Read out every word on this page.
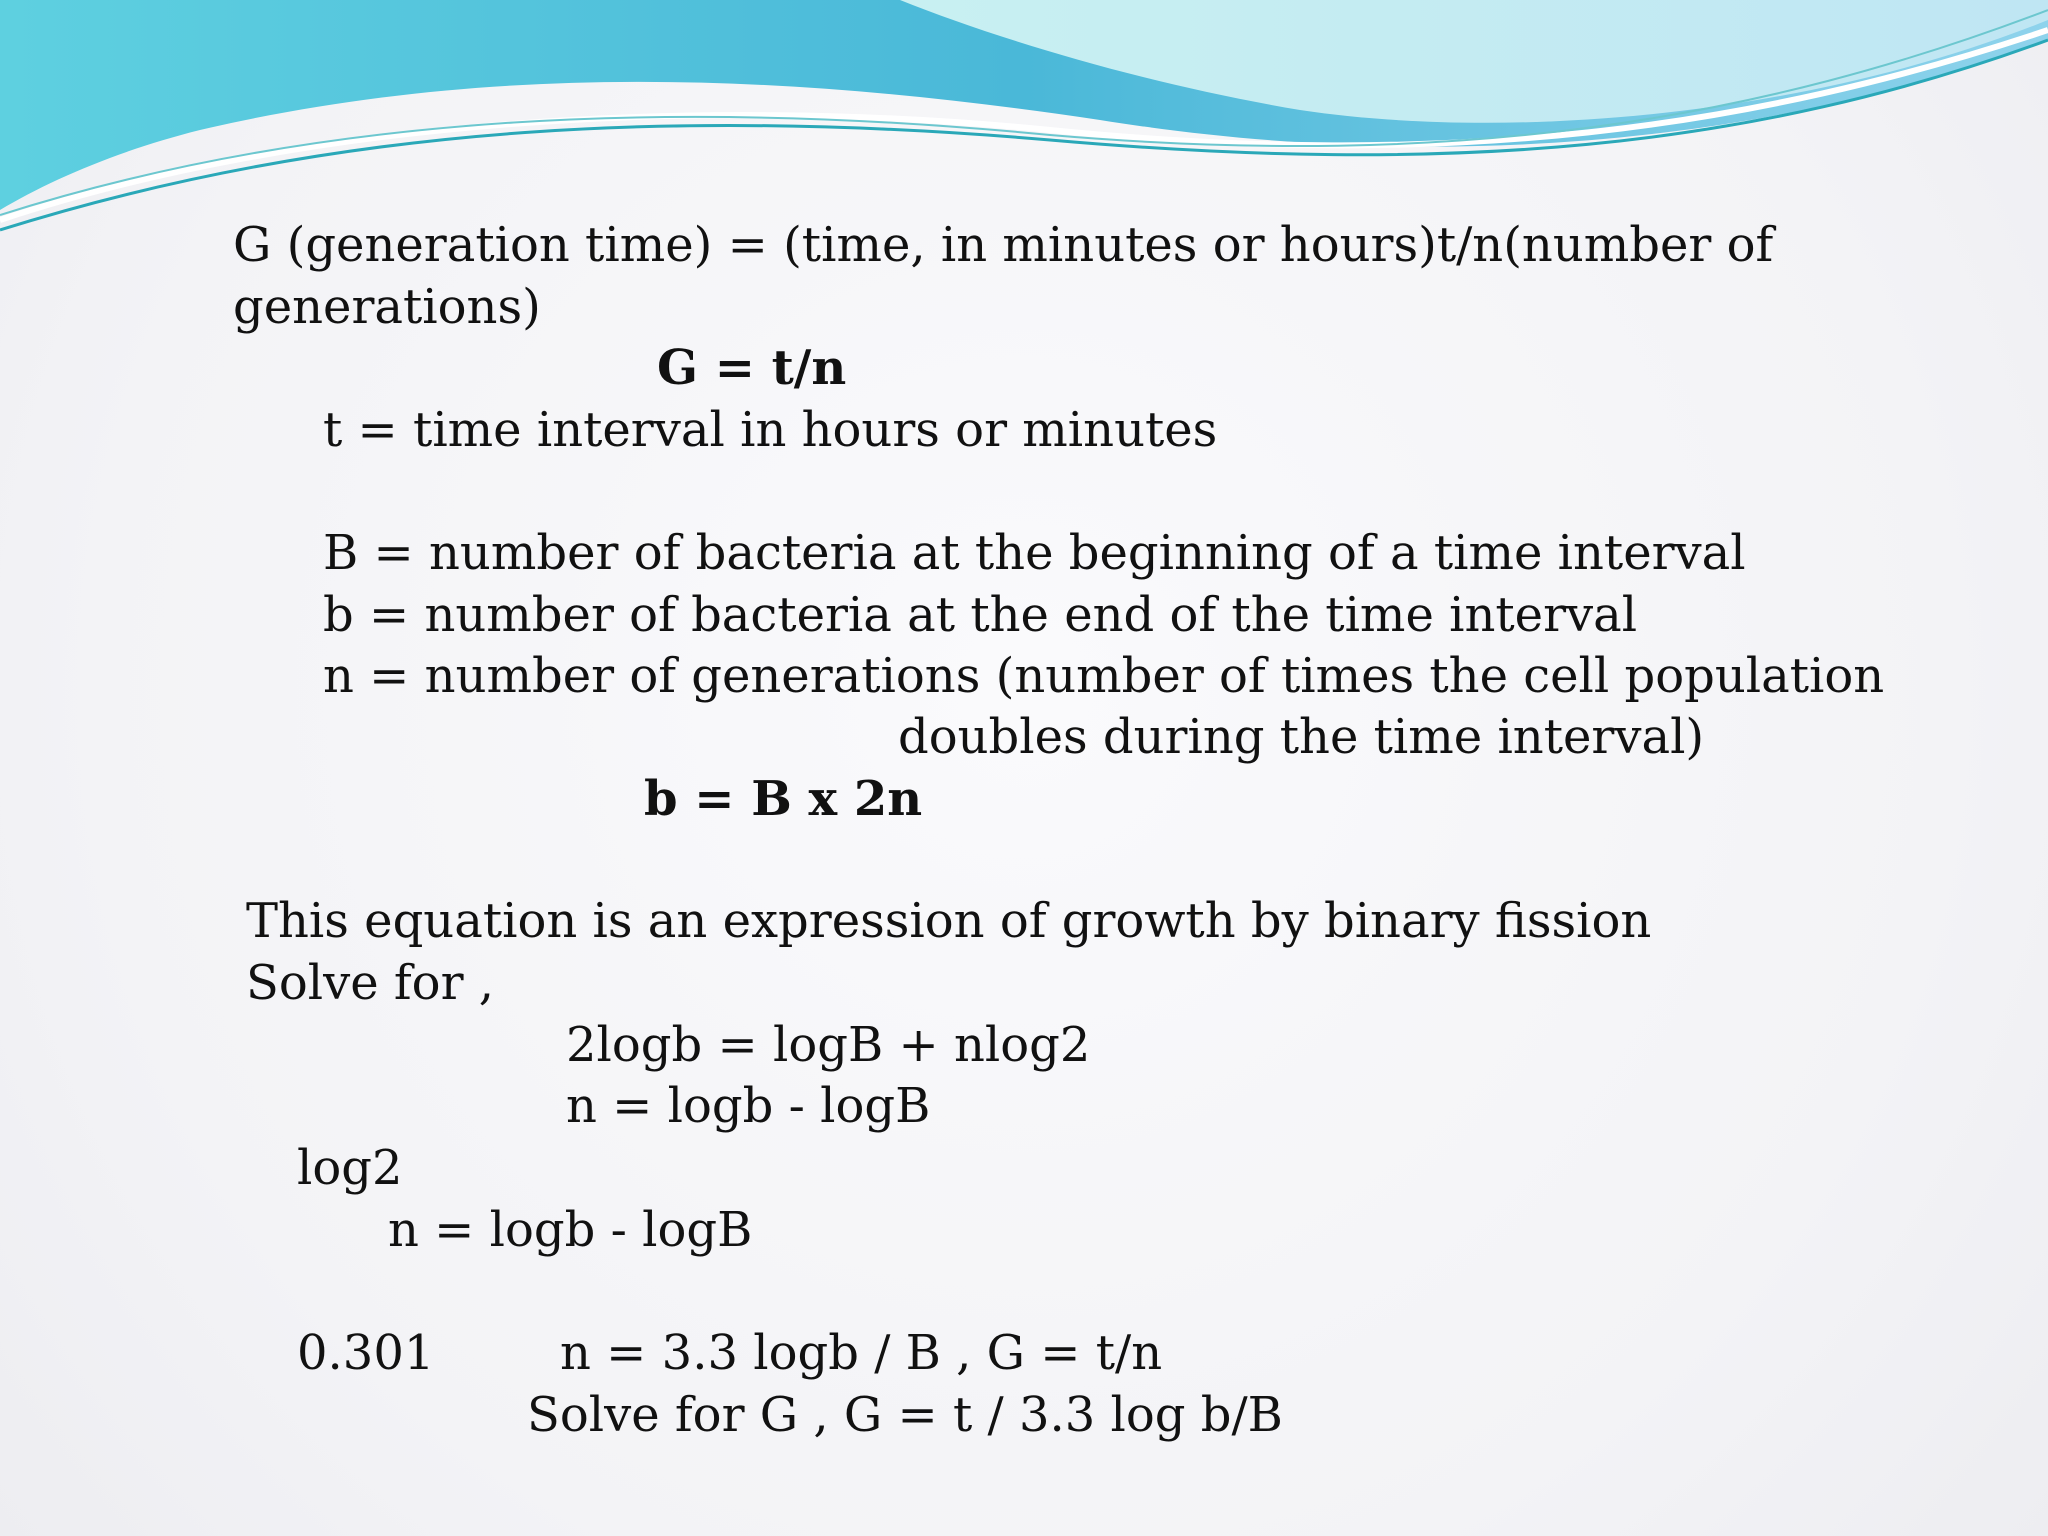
G (generation time) = (time, in minutes or hours)t/n(number of
generations)
G = t/n
t = time interval in hours or minutes
B = number of bacteria at the beginning of a time interval
b = number of bacteria at the end of the time interval
n = number of generations (number of times the cell population
doubles during the time interval)
b = B x 2n
This equation is an expression of growth by binary fission
Solve for ,
2logb = logB + nlog2
n = logb - logB
log2
n = logb - logB
0.301	n = 3.3 logb / B , G = t/n
Solve for G , G = t / 3.3 log b/B
